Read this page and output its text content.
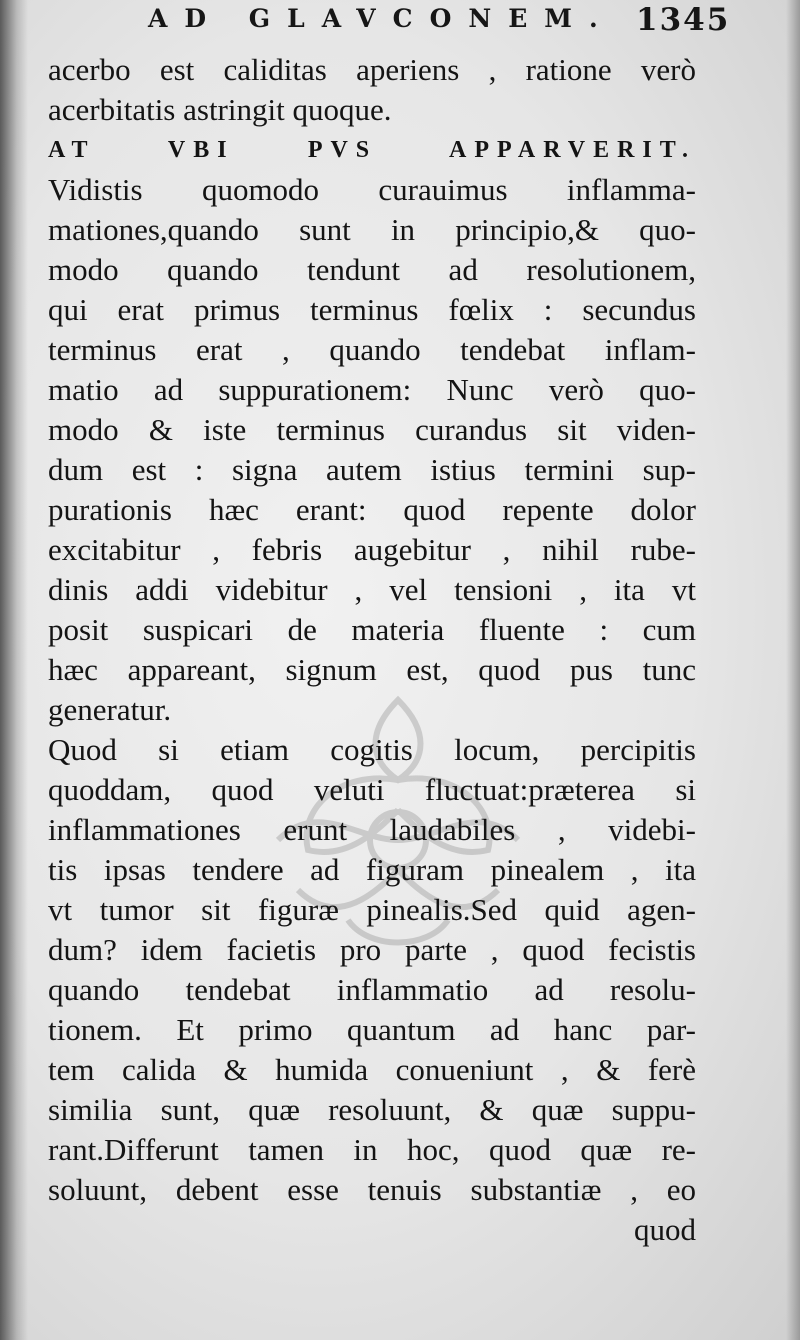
AD GLAVCONEM. 1345
acerbo est caliditas aperiens , ratione verò
acerbitatis astringit quoque.
AT VBI PVS APPARVERIT.
Vidistis quomodo curauimus inflamma-
mationes,quando sunt in principio,& quo-
modo quando tendunt ad resolutionem,
qui erat primus terminus fœlix : secundus
terminus erat , quando tendebat inflam-
matio ad suppurationem: Nunc verò quo-
modo & iste terminus curandus sit viden-
dum est : signa autem istius termini sup-
purationis hæc erant: quod repente dolor
excitabitur , febris augebitur , nihil rube-
dinis addi videbitur , vel tensioni , ita vt
posit suspicari de materia fluente : cum
hæc appareant, signum est, quod pus tunc
generatur.
Quod si etiam cogitis locum, percipitis
quoddam, quod veluti fluctuat:præterea si
inflammationes erunt laudabiles , videbi-
tis ipsas tendere ad figuram pinealem , ita
vt tumor sit figuræ pinealis.Sed quid agen-
dum? idem facietis pro parte , quod fecistis
quando tendebat inflammatio ad resolu-
tionem. Et primo quantum ad hanc par-
tem calida & humida conueniunt , & ferè
similia sunt, quæ resoluunt, & quæ suppu-
rant.Differunt tamen in hoc, quod quæ re-
soluunt, debent esse tenuis substantiæ , eo
quod
